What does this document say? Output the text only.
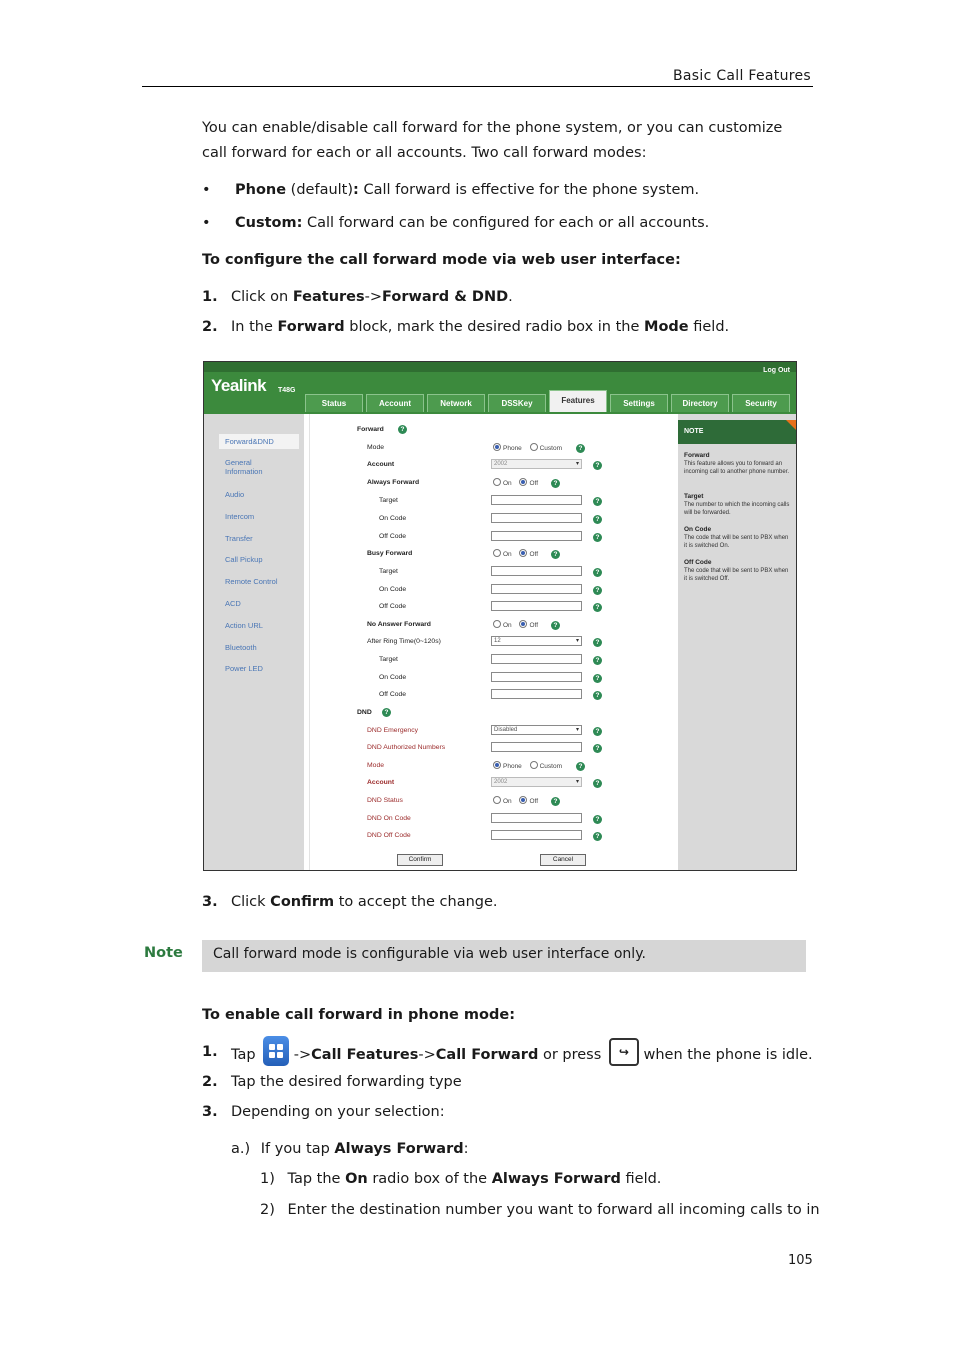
Basic Call Features
You can enable/disable call forward for the phone system, or you can customize call forward for each or all accounts. Two call forward modes:
• Phone (default): Call forward is effective for the phone system.
• Custom: Call forward can be configured for each or all accounts.
To configure the call forward mode via web user interface:
1. Click on Features->Forward & DND.
2. In the Forward block, mark the desired radio box in the Mode field.
Yealink T48G
Log Out
Status	Account	Network	DSSKey	Features	Settings	Directory	Security
Forward&DND
General Information
Audio
Intercom
Transfer
Call Pickup
Remote Control
ACD
Action URL
Bluetooth
Power LED
Forward	?
Mode	Phone	Custom	?
Account	2002 ▾	?
Always Forward	On	Off	?
Target	?
On Code	?
Off Code	?
Busy Forward	On	Off	?
Target	?
On Code	?
Off Code	?
No Answer Forward	On	Off	?
After Ring Time(0~120s)	12 ▾	?
Target	?
On Code	?
Off Code	?
DND	?
DND Emergency	Disabled ▾	?
DND Authorized Numbers	?
Mode	Phone	Custom	?
Account	2002 ▾	?
DND Status	On	Off	?
DND On Code	?
DND Off Code	?
Confirm	Cancel
NOTE
Forward
This feature allows you to forward an incoming call to another phone number.
Target
The number to which the incoming calls will be forwarded.
On Code
The code that will be sent to PBX when it is switched On.
Off Code
The code that will be sent to PBX when it is switched Off.
3. Click Confirm to accept the change.
Note Call forward mode is configurable via web user interface only.
To enable call forward in phone mode:
1. Tap
->Call Features->Call Forward or press ↪ when the phone is idle.
2. Tap the desired forwarding type
3. Depending on your selection:
a.) If you tap Always Forward:
1) Tap the On radio box of the Always Forward field.
2) Enter the destination number you want to forward all incoming calls to in
105
